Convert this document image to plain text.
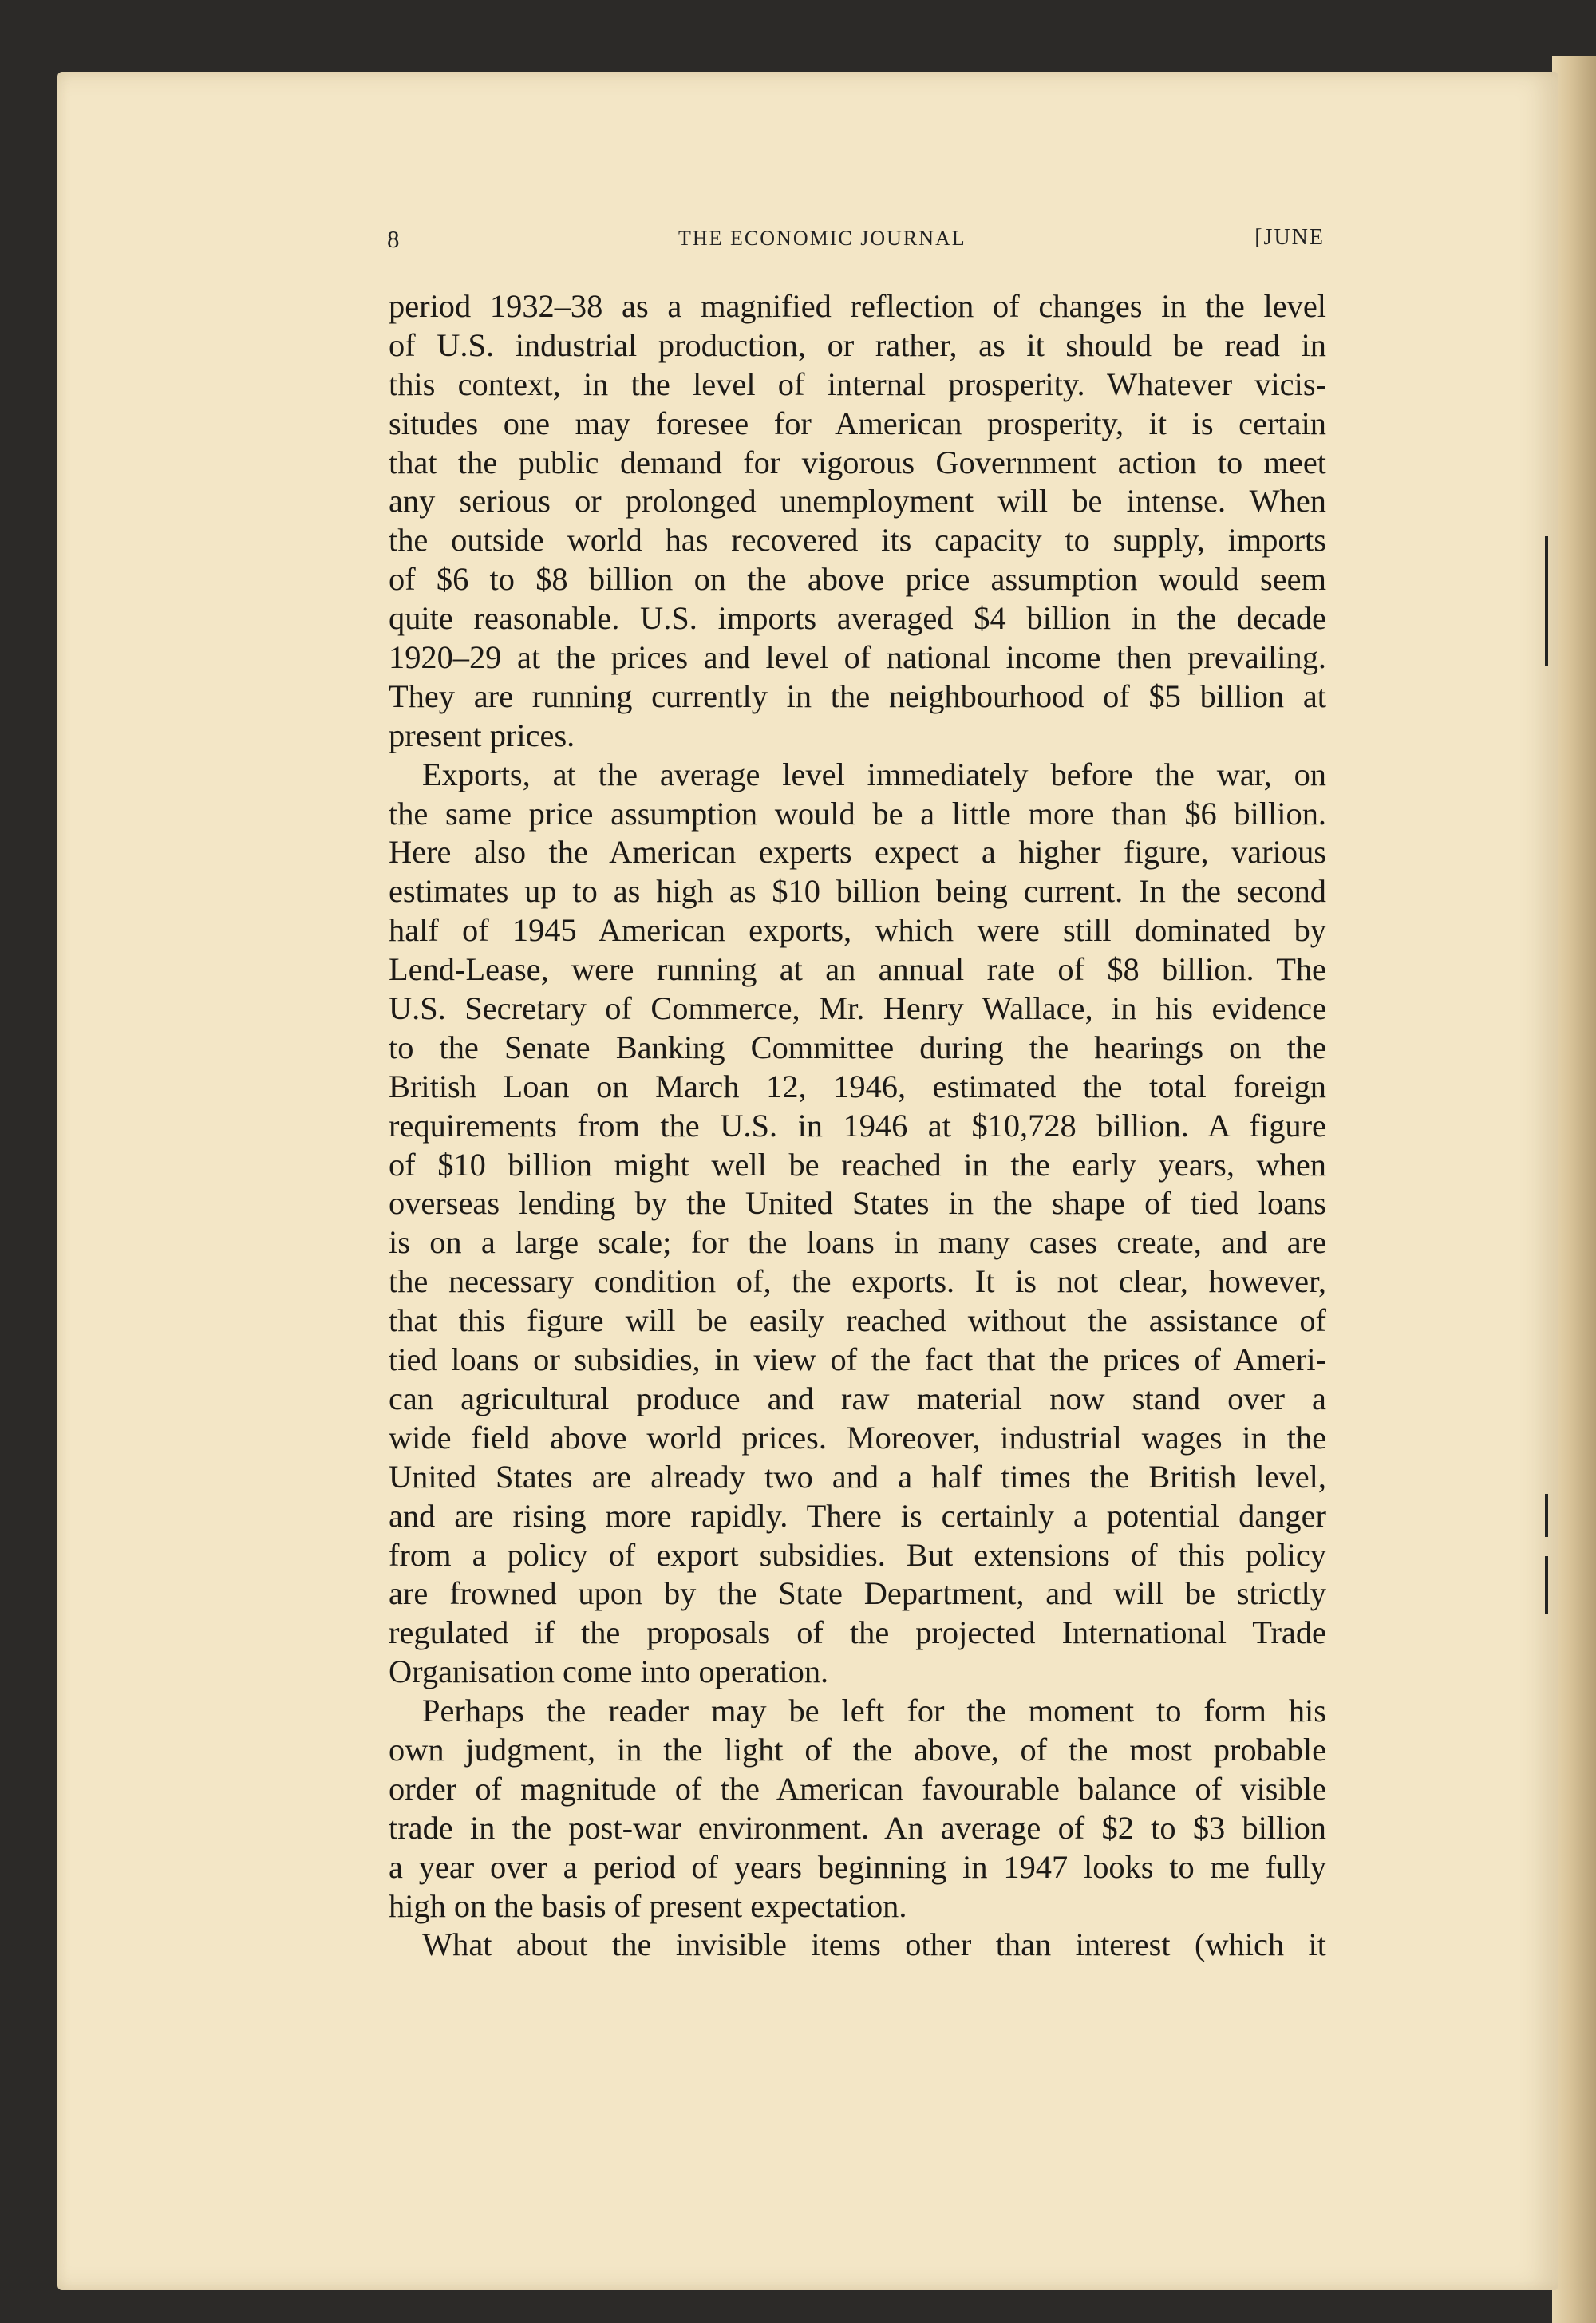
8	THE ECONOMIC JOURNAL	[JUNE
period 1932–38 as a magnified reflection of changes in the level
of U.S. industrial production, or rather, as it should be read in
this context, in the level of internal prosperity. Whatever vicis-
situdes one may foresee for American prosperity, it is certain
that the public demand for vigorous Government action to meet
any serious or prolonged unemployment will be intense. When
the outside world has recovered its capacity to supply, imports
of $6 to $8 billion on the above price assumption would seem
quite reasonable. U.S. imports averaged $4 billion in the decade
1920–29 at the prices and level of national income then prevailing.
They are running currently in the neighbourhood of $5 billion at
present prices.
Exports, at the average level immediately before the war, on
the same price assumption would be a little more than $6 billion.
Here also the American experts expect a higher figure, various
estimates up to as high as $10 billion being current. In the second
half of 1945 American exports, which were still dominated by
Lend-Lease, were running at an annual rate of $8 billion. The
U.S. Secretary of Commerce, Mr. Henry Wallace, in his evidence
to the Senate Banking Committee during the hearings on the
British Loan on March 12, 1946, estimated the total foreign
requirements from the U.S. in 1946 at $10,728 billion. A figure
of $10 billion might well be reached in the early years, when
overseas lending by the United States in the shape of tied loans
is on a large scale; for the loans in many cases create, and are
the necessary condition of, the exports. It is not clear, however,
that this figure will be easily reached without the assistance of
tied loans or subsidies, in view of the fact that the prices of Ameri-
can agricultural produce and raw material now stand over a
wide field above world prices. Moreover, industrial wages in the
United States are already two and a half times the British level,
and are rising more rapidly. There is certainly a potential danger
from a policy of export subsidies. But extensions of this policy
are frowned upon by the State Department, and will be strictly
regulated if the proposals of the projected International Trade
Organisation come into operation.
Perhaps the reader may be left for the moment to form his
own judgment, in the light of the above, of the most probable
order of magnitude of the American favourable balance of visible
trade in the post-war environment. An average of $2 to $3 billion
a year over a period of years beginning in 1947 looks to me fully
high on the basis of present expectation.
What about the invisible items other than interest (which it
